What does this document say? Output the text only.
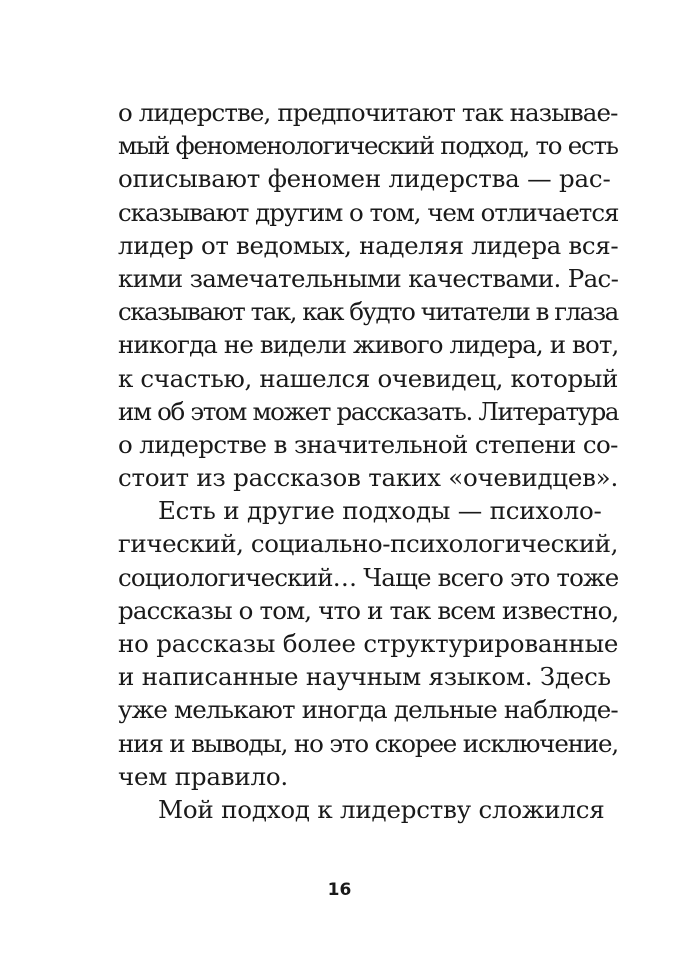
о лидерстве, предпочитают так называе-
мый феноменологический подход, то есть
описывают феномен лидерства — рас-
сказывают другим о том, чем отличается
лидер от ведомых, наделяя лидера вся-
кими замечательными качествами. Рас-
сказывают так, как будто читатели в глаза
никогда не видели живого лидера, и вот,
к счастью, нашелся очевидец, который
им об этом может рассказать. Литература
о лидерстве в значительной степени со-
стоит из рассказов таких «очевидцев».
Есть и другие подходы — психоло-
гический, социально-психологический,
социологический… Чаще всего это тоже
рассказы о том, что и так всем известно,
но рассказы более структурированные
и написанные научным языком. Здесь
уже мелькают иногда дельные наблюде-
ния и выводы, но это скорее исключение,
чем правило.
Мой подход к лидерству сложился
16
